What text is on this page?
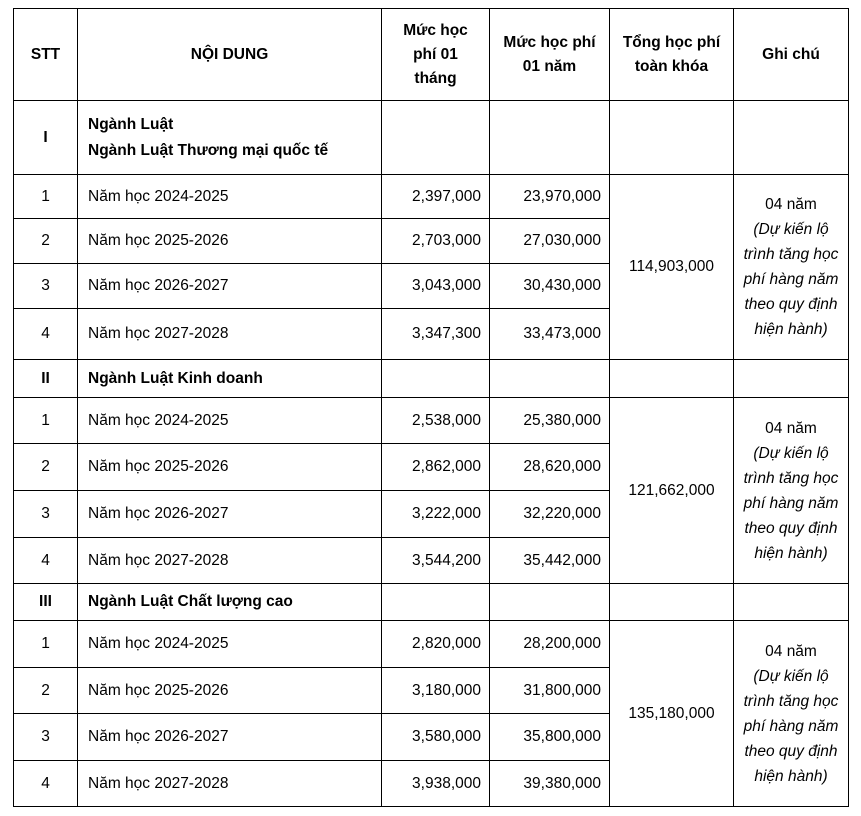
STT	NỘI DUNG	Mức học phí 01 tháng	Mức học phí 01 năm	Tổng học phí toàn khóa	Ghi chú
I	Ngành Luật
Ngành Luật Thương mại quốc tế				

1	Năm học 2024-2025	2,397,000	23,970,000	114,903,000	04 năm
(Dự kiến lộ trình tăng học phí hàng năm theo quy định hiện hành)

2	Năm học 2025-2026	2,703,000	27,030,000		
3	Năm học 2026-2027	3,043,000	30,430,000		
4	Năm học 2027-2028	3,347,300	33,473,000		
II	Ngành Luật Kinh doanh				

1	Năm học 2024-2025	2,538,000	25,380,000	121,662,000	04 năm
(Dự kiến lộ trình tăng học phí hàng năm theo quy định hiện hành)

2	Năm học 2025-2026	2,862,000	28,620,000		
3	Năm học 2026-2027	3,222,000	32,220,000		
4	Năm học 2027-2028	3,544,200	35,442,000		
III	Ngành Luật Chất lượng cao				

1	Năm học 2024-2025	2,820,000	28,200,000	135,180,000	04 năm
(Dự kiến lộ trình tăng học phí hàng năm theo quy định hiện hành)

2	Năm học 2025-2026	3,180,000	31,800,000		
3	Năm học 2026-2027	3,580,000	35,800,000		
4	Năm học 2027-2028	3,938,000	39,380,000		
